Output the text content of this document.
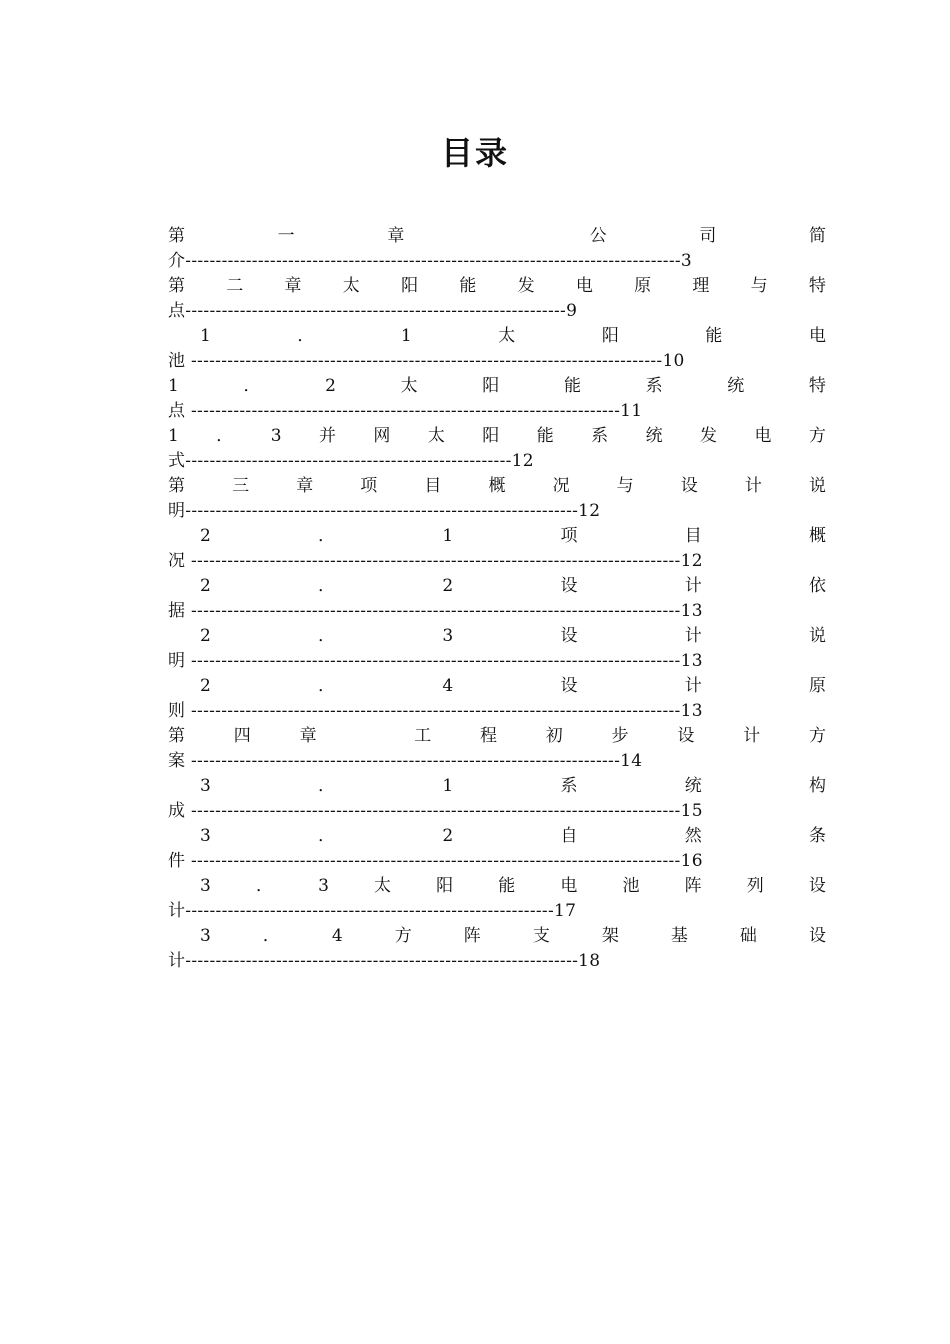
目录
第	一	章	公	司	简
介----------------------------------------------------------------------------------3
第 二 章 太 阳 能 发 电 原 理 与 特
点---------------------------------------------------------------9
1	．	1	太	阳	能	电
池 ------------------------------------------------------------------------------10
1	．	2	太	阳	能	系	统	特
点 -----------------------------------------------------------------------11
1 ． 3 并 网 太 阳 能 系 统 发 电 方
式------------------------------------------------------12
第	三	章	项	目	概	况	与	设	计	说
明-----------------------------------------------------------------12
2	．	1	项	目	概
况 ---------------------------------------------------------------------------------12
2	．	2	设	计	依
据 ---------------------------------------------------------------------------------13
2	．	3	设	计	说
明 ---------------------------------------------------------------------------------13
2	．	4	设	计	原
则 ---------------------------------------------------------------------------------13
第	四	章	工	程	初	步	设	计	方
案 -----------------------------------------------------------------------14
3	．	1	系	统	构
成 ---------------------------------------------------------------------------------15
3	．	2	自	然	条
件 ---------------------------------------------------------------------------------16
3	．	3	太	阳	能	电	池	阵	列	设
计-------------------------------------------------------------17
3	．	4	方	阵	支	架	基	础	设
计-----------------------------------------------------------------18
